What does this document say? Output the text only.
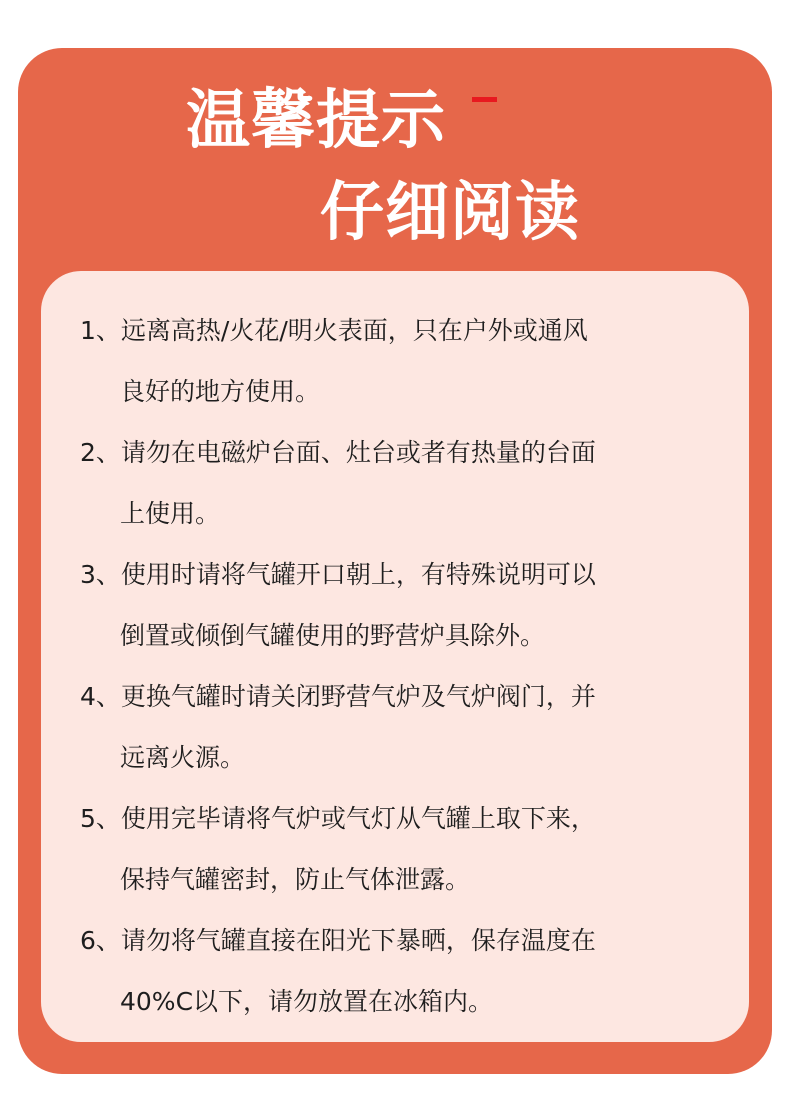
温馨提示
仔细阅读
1、远离高热/火花/明火表面，只在户外或通风
良好的地方使用。
2、请勿在电磁炉台面、灶台或者有热量的台面
上使用。
3、使用时请将气罐开口朝上，有特殊说明可以
倒置或倾倒气罐使用的野营炉具除外。
4、更换气罐时请关闭野营气炉及气炉阀门，并
远离火源。
5、使用完毕请将气炉或气灯从气罐上取下来，
保持气罐密封，防止气体泄露。
6、请勿将气罐直接在阳光下暴晒，保存温度在
40%C以下，请勿放置在冰箱内。
